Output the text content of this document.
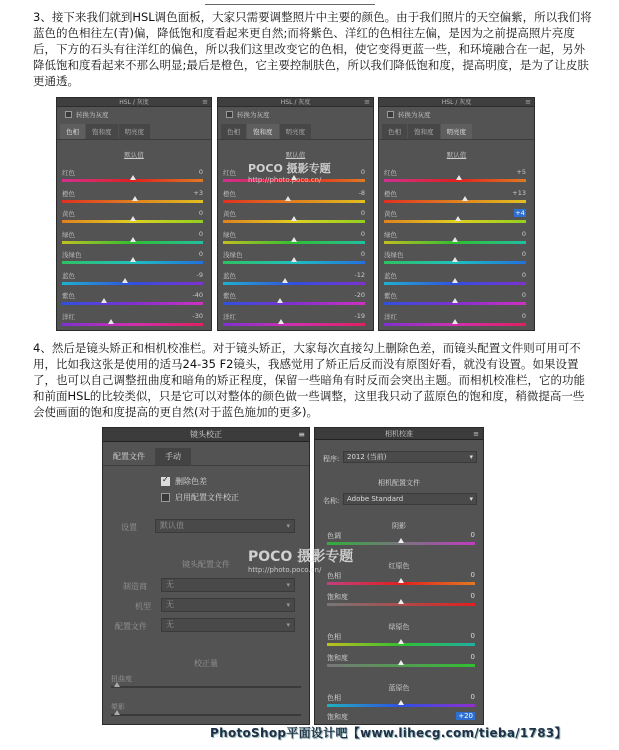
3、接下来我们就到HSL调色面板，大家只需要调整照片中主要的颜色。由于我们照片的天空偏紫，所以我们将蓝色的色相往左(青)偏，降低饱和度看起来更自然;而将紫色、洋红的色相往左偏，是因为之前提高照片亮度后，下方的石头有往洋红的偏色，所以我们这里改变它的色相，使它变得更蓝一些，和环境融合在一起，另外降低饱和度看起来不那么明显;最后是橙色，它主要控制肤色，所以我们降低饱和度，提高明度，是为了让皮肤更通透。

HSL / 灰度	≡
转换为灰度
色相	饱和度	明亮度
默认值
红色	0
橙色	+3
黄色	0
绿色	0
浅绿色	0
蓝色	-9
紫色	-40
洋红	-30
HSL / 灰度	≡
转换为灰度
色相	饱和度	明亮度
默认值
红色	0
橙色	-8
黄色	0
绿色	0
浅绿色	0
蓝色	-12
紫色	-20
洋红	-19
HSL / 灰度	≡
转换为灰度
色相	饱和度	明亮度
默认值
红色	+5
橙色	+13
黄色	+4
绿色	0
浅绿色	0
蓝色	0
紫色	0
洋红	0
POCO 摄影专题
http://photo.poco.cn/

4、然后是镜头矫正和相机校准栏。对于镜头矫正，大家每次直接勾上删除色差，而镜头配置文件则可用可不用，比如我这张是使用的适马24-35 F2镜头，我感觉用了矫正后反而没有原图好看，就没有设置。如果设置了，也可以自己调整扭曲度和暗角的矫正程度，保留一些暗角有时反而会突出主题。而相机校准栏，它的功能和前面HSL的比较类似，只是它可以对整体的颜色做一些调整，这里我只动了蓝原色的饱和度，稍微提高一些会使画面的饱和度提高的更自然(对于蓝色施加的更多)。

镜头校正	≡
配置文件	手动
✓
删除色差
启用配置文件校正
设置	默认值	▾
镜头配置文件
制造商	无	▾
机型	无	▾
配置文件	无	▾
校正量
扭曲度
晕影
相机校准	≡
程序:	2012 (当前)	▾
相机配置文件
名称:	Adobe Standard	▾
阴影
色调	0
红原色
色相	0
饱和度	0
绿原色
色相	0
饱和度	0
蓝原色
色相	0
饱和度	+20
POCO 摄影专题
http://photo.poco.cn/
PhotoShop平面设计吧【www.lihecg.com/tieba/1783】
